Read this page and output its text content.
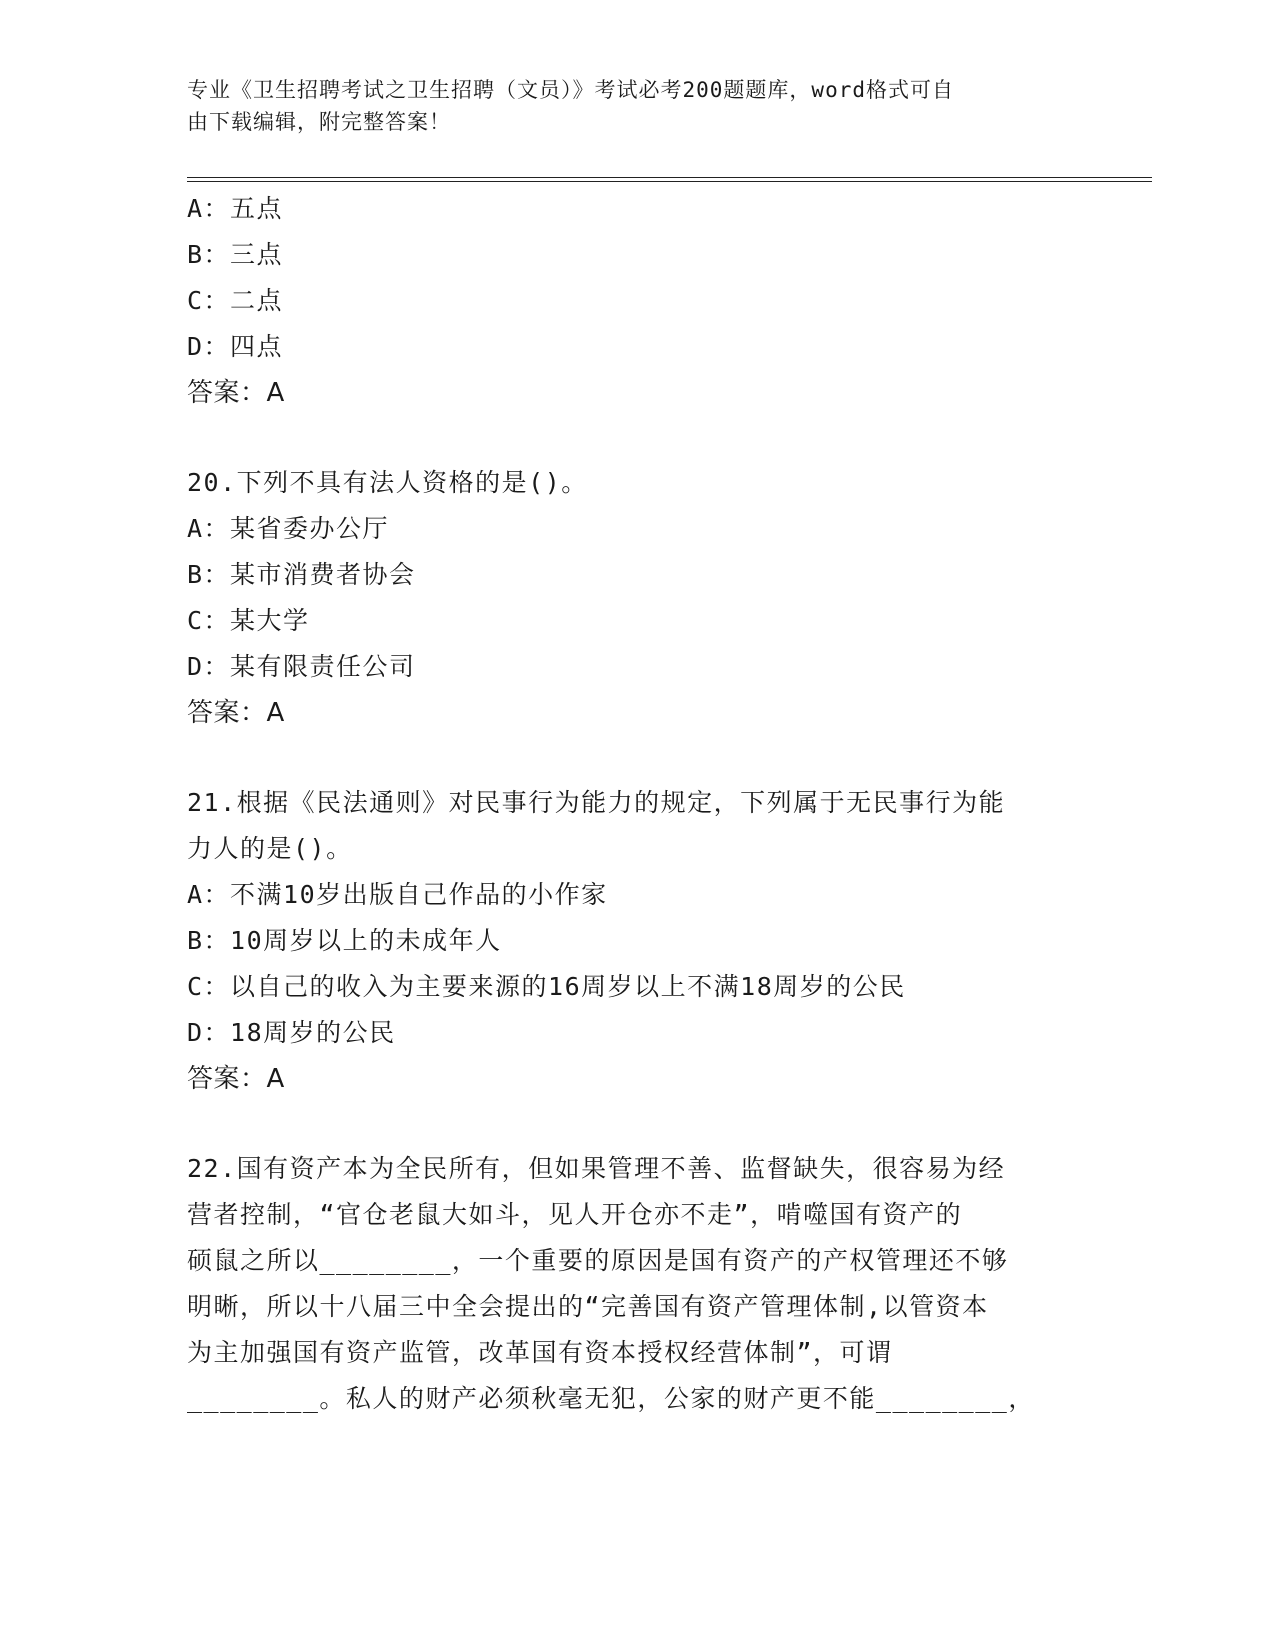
专业《卫生招聘考试之卫生招聘（文员）》考试必考200题题库，word格式可自
由下载编辑，附完整答案！
A：五点
B：三点
C：二点
D：四点
答案：A
20.下列不具有法人资格的是()。
A：某省委办公厅
B：某市消费者协会
C：某大学
D：某有限责任公司
答案：A
21.根据《民法通则》对民事行为能力的规定，下列属于无民事行为能
力人的是()。
A：不满10岁出版自己作品的小作家
B：10周岁以上的未成年人
C：以自己的收入为主要来源的16周岁以上不满18周岁的公民
D：18周岁的公民
答案：A
22.国有资产本为全民所有，但如果管理不善、监督缺失，很容易为经
营者控制，“官仓老鼠大如斗，见人开仓亦不走”，啃噬国有资产的
硕鼠之所以________，一个重要的原因是国有资产的产权管理还不够
明晰，所以十八届三中全会提出的“完善国有资产管理体制,以管资本
为主加强国有资产监管，改革国有资本授权经营体制”，可谓
________。私人的财产必须秋毫无犯，公家的财产更不能________，
